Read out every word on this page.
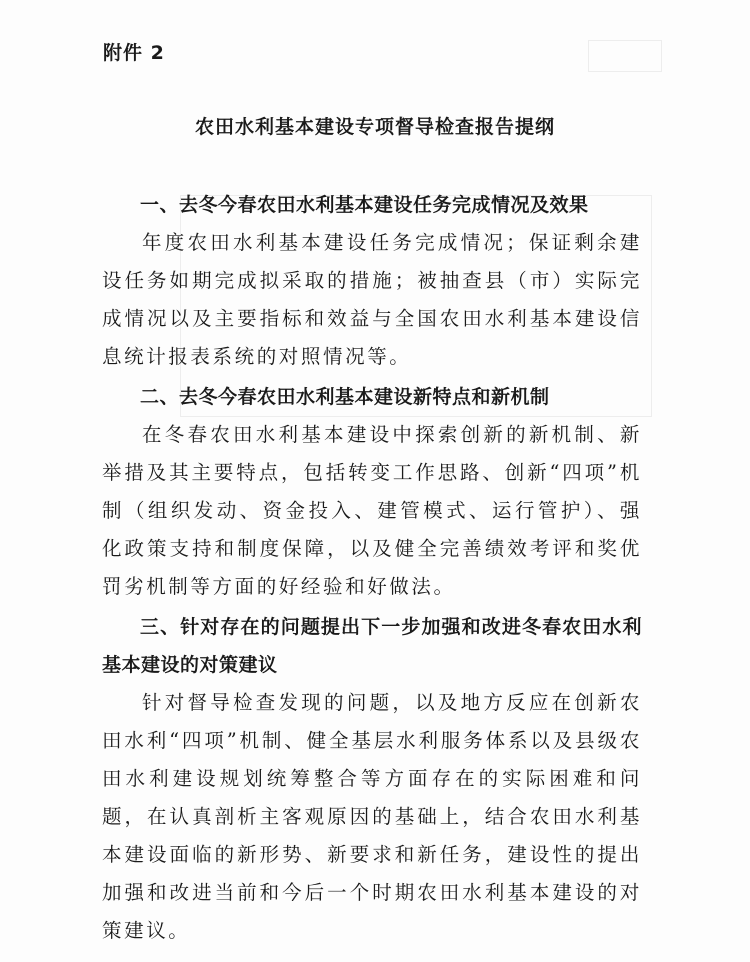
附件 2
农田水利基本建设专项督导检查报告提纲
一、去冬今春农田水利基本建设任务完成情况及效果
年度农田水利基本建设任务完成情况；保证剩余建设任务如期完成拟采取的措施；被抽查县（市）实际完成情况以及主要指标和效益与全国农田水利基本建设信息统计报表系统的对照情况等。
二、去冬今春农田水利基本建设新特点和新机制
在冬春农田水利基本建设中探索创新的新机制、新举措及其主要特点，包括转变工作思路、创新“四项”机制（组织发动、资金投入、建管模式、运行管护）、强化政策支持和制度保障，以及健全完善绩效考评和奖优罚劣机制等方面的好经验和好做法。
三、针对存在的问题提出下一步加强和改进冬春农田水利基本建设的对策建议
针对督导检查发现的问题，以及地方反应在创新农田水利“四项”机制、健全基层水利服务体系以及县级农田水利建设规划统筹整合等方面存在的实际困难和问题，在认真剖析主客观原因的基础上，结合农田水利基本建设面临的新形势、新要求和新任务，建设性的提出加强和改进当前和今后一个时期农田水利基本建设的对策建议。
